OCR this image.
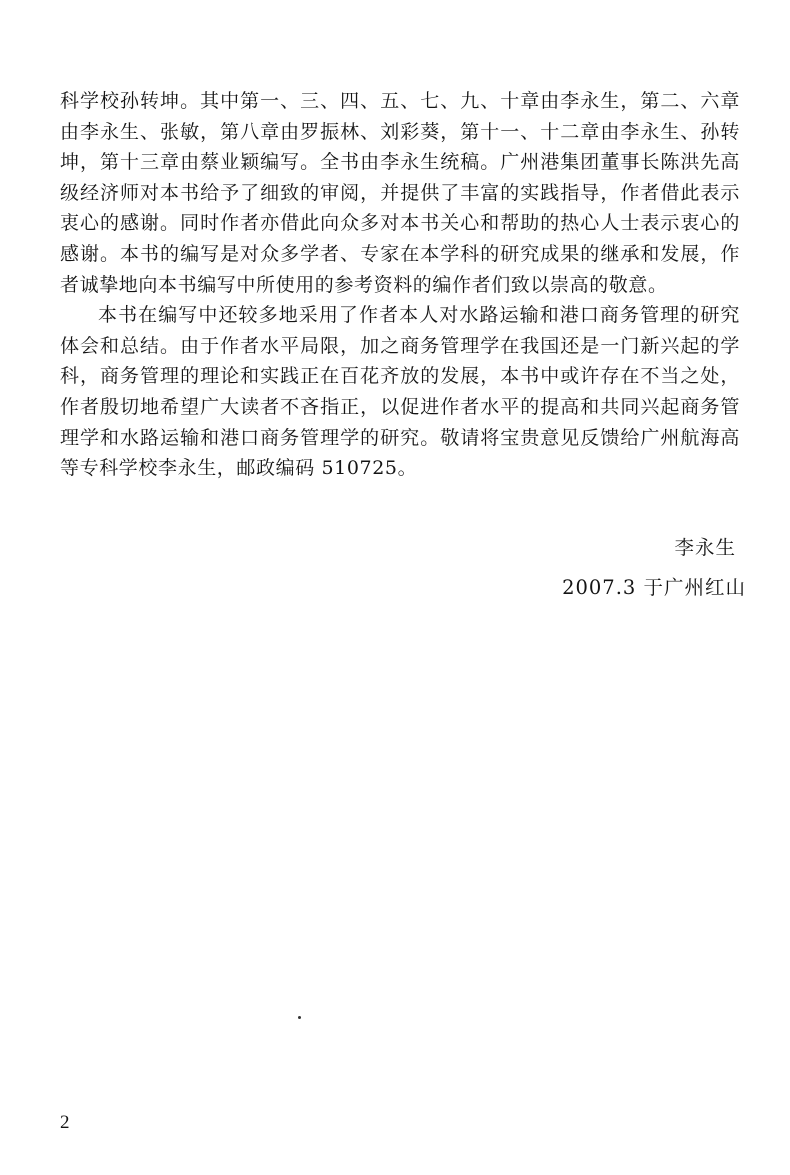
科学校孙转坤。其中第一、三、四、五、七、九、十章由李永生，第二、六章由李永生、张敏，第八章由罗振林、刘彩葵，第十一、十二章由李永生、孙转坤，第十三章由蔡业颖编写。全书由李永生统稿。广州港集团董事长陈洪先高级经济师对本书给予了细致的审阅，并提供了丰富的实践指导，作者借此表示衷心的感谢。同时作者亦借此向众多对本书关心和帮助的热心人士表示衷心的感谢。本书的编写是对众多学者、专家在本学科的研究成果的继承和发展，作者诚挚地向本书编写中所使用的参考资料的编作者们致以崇高的敬意。

本书在编写中还较多地采用了作者本人对水路运输和港口商务管理的研究体会和总结。由于作者水平局限，加之商务管理学在我国还是一门新兴起的学科，商务管理的理论和实践正在百花齐放的发展，本书中或许存在不当之处，作者殷切地希望广大读者不吝指正，以促进作者水平的提高和共同兴起商务管理学和水路运输和港口商务管理学的研究。敬请将宝贵意见反馈给广州航海高等专科学校李永生，邮政编码 510725。

李永生
2007.3 于广州红山
2
